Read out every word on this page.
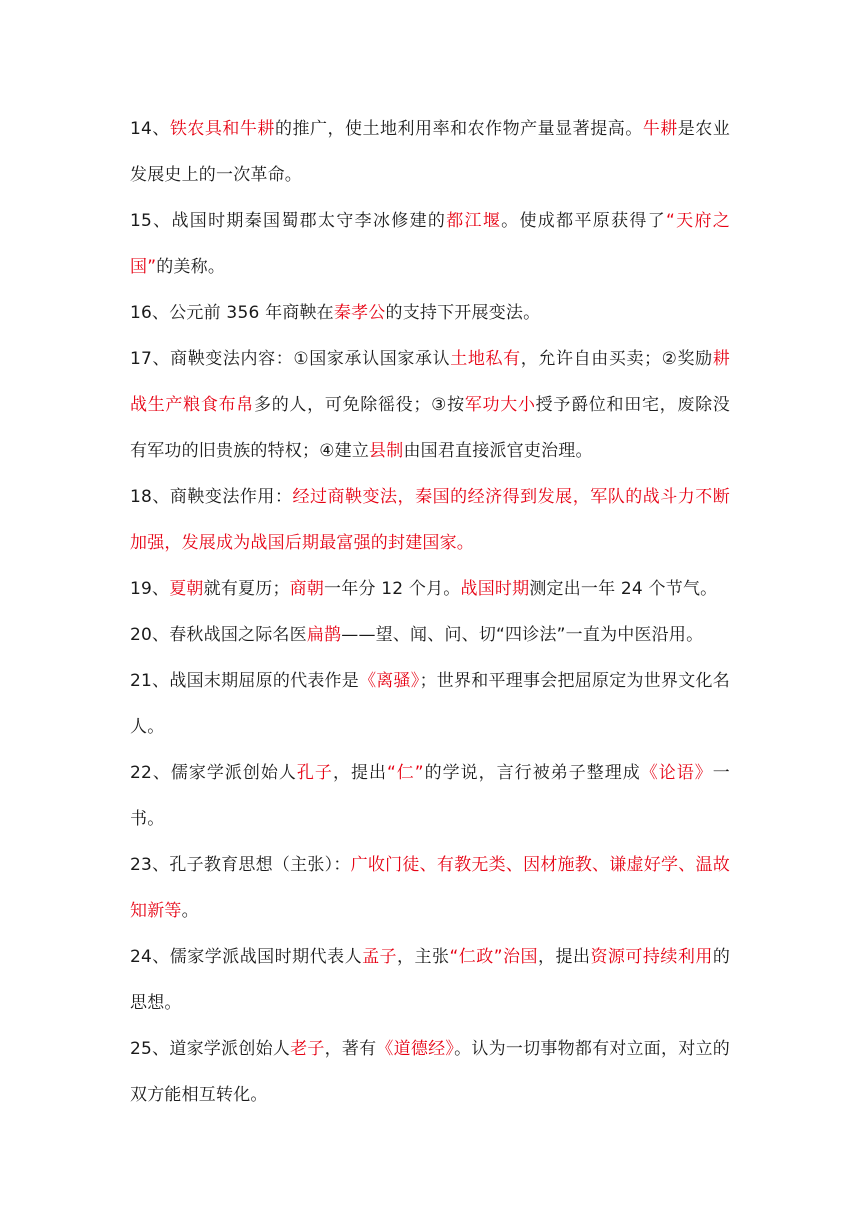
14、铁农具和牛耕的推广，使土地利用率和农作物产量显著提高。牛耕是农业发展史上的一次革命。

15、战国时期秦国蜀郡太守李冰修建的都江堰。使成都平原获得了“天府之国”的美称。

16、公元前 356 年商鞅在秦孝公的支持下开展变法。

17、商鞅变法内容：①国家承认国家承认土地私有，允许自由买卖；②奖励耕战生产粮食布帛多的人，可免除徭役；③按军功大小授予爵位和田宅，废除没有军功的旧贵族的特权；④建立县制由国君直接派官吏治理。

18、商鞅变法作用：经过商鞅变法，秦国的经济得到发展，军队的战斗力不断加强，发展成为战国后期最富强的封建国家。

19、夏朝就有夏历；商朝一年分 12 个月。战国时期测定出一年 24 个节气。

20、春秋战国之际名医扁鹊——望、闻、问、切“四诊法”一直为中医沿用。

21、战国末期屈原的代表作是《离骚》；世界和平理事会把屈原定为世界文化名人。

22、儒家学派创始人孔子，提出“仁”的学说，言行被弟子整理成《论语》一书。

23、孔子教育思想（主张）：广收门徒、有教无类、因材施教、谦虚好学、温故知新等。

24、儒家学派战国时期代表人孟子，主张“仁政”治国，提出资源可持续利用的思想。

25、道家学派创始人老子，著有《道德经》。认为一切事物都有对立面，对立的双方能相互转化。
